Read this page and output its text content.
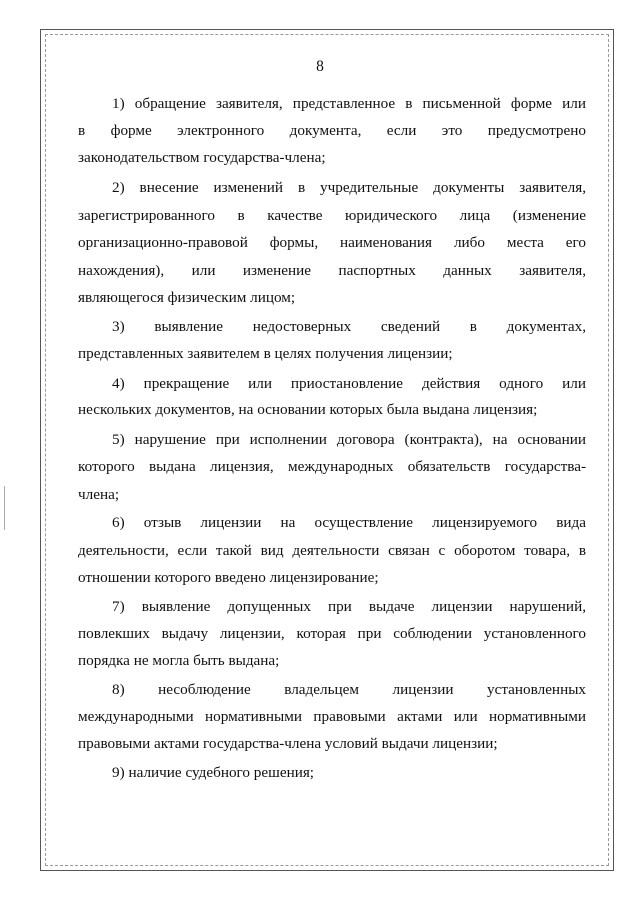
8
1) обращение заявителя, представленное в письменной форме или
в форме электронного документа, если это предусмотрено
законодательством государства-члена;
2) внесение изменений в учредительные документы заявителя,
зарегистрированного в качестве юридического лица (изменение
организационно-правовой формы, наименования либо места его
нахождения), или изменение паспортных данных заявителя,
являющегося физическим лицом;
3) выявление недостоверных сведений в документах,
представленных заявителем в целях получения лицензии;
4) прекращение или приостановление действия одного или
нескольких документов, на основании которых была выдана лицензия;
5) нарушение при исполнении договора (контракта), на основании
которого выдана лицензия, международных обязательств государства-
члена;
6) отзыв лицензии на осуществление лицензируемого вида
деятельности, если такой вид деятельности связан с оборотом товара, в
отношении которого введено лицензирование;
7) выявление допущенных при выдаче лицензии нарушений,
повлекших выдачу лицензии, которая при соблюдении установленного
порядка не могла быть выдана;
8) несоблюдение владельцем лицензии установленных
международными нормативными правовыми актами или нормативными
правовыми актами государства-члена условий выдачи лицензии;
9) наличие судебного решения;
